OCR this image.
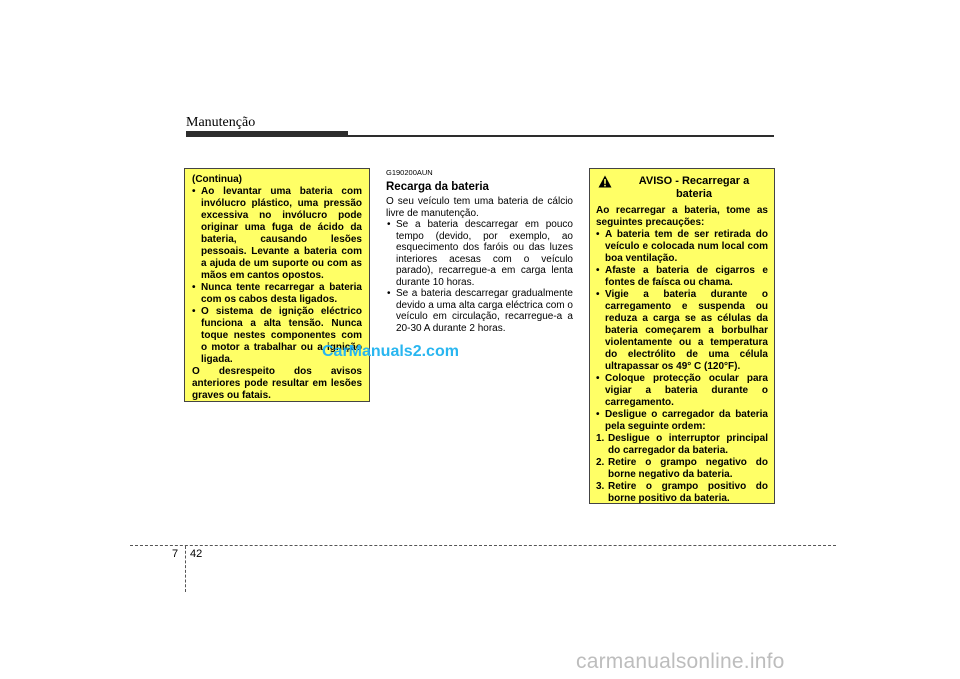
Manutenção

(Continua)

• Ao levantar uma bateria com invólucro plástico, uma pressão excessiva no invólucro pode originar uma fuga de ácido da bateria, causando lesões pessoais. Levante a bateria com a ajuda de um suporte ou com as mãos em cantos opostos.
• Nunca tente recarregar a bateria com os cabos desta ligados.
• O sistema de ignição eléctrico funciona a alta tensão. Nunca toque nestes componentes com o motor a trabalhar ou a ignição ligada.

O desrespeito dos avisos anteriores pode resultar em lesões graves ou fatais.

CarManuals2.com
G190200AUN
Recarga da bateria

O seu veículo tem uma bateria de cálcio livre de manutenção.

• Se a bateria descarregar em pouco tempo (devido, por exemplo, ao esquecimento dos faróis ou das luzes interiores acesas com o veículo parado), recarregue-a em carga lenta durante 10 horas.
• Se a bateria descarregar gradualmente devido a uma alta carga eléctrica com o veículo em circulação, recarregue-a a 20-30 A durante 2 horas.
AVISO - Recarregar a bateria

Ao recarregar a bateria, tome as seguintes precauções:

• A bateria tem de ser retirada do veículo e colocada num local com boa ventilação.
• Afaste a bateria de cigarros e fontes de faísca ou chama.
• Vigie a bateria durante o carregamento e suspenda ou reduza a carga se as células da bateria começarem a borbulhar violentamente ou a temperatura do electrólito de uma célula ultrapassar os 49° C (120°F).
• Coloque protecção ocular para vigiar a bateria durante o carregamento.
• Desligue o carregador da bateria pela seguinte ordem:
1. Desligue o interruptor principal do carregador da bateria.
2. Retire o grampo negativo do borne negativo da bateria.
3. Retire o grampo positivo do borne positivo da bateria.
7 42
carmanualsonline.info
